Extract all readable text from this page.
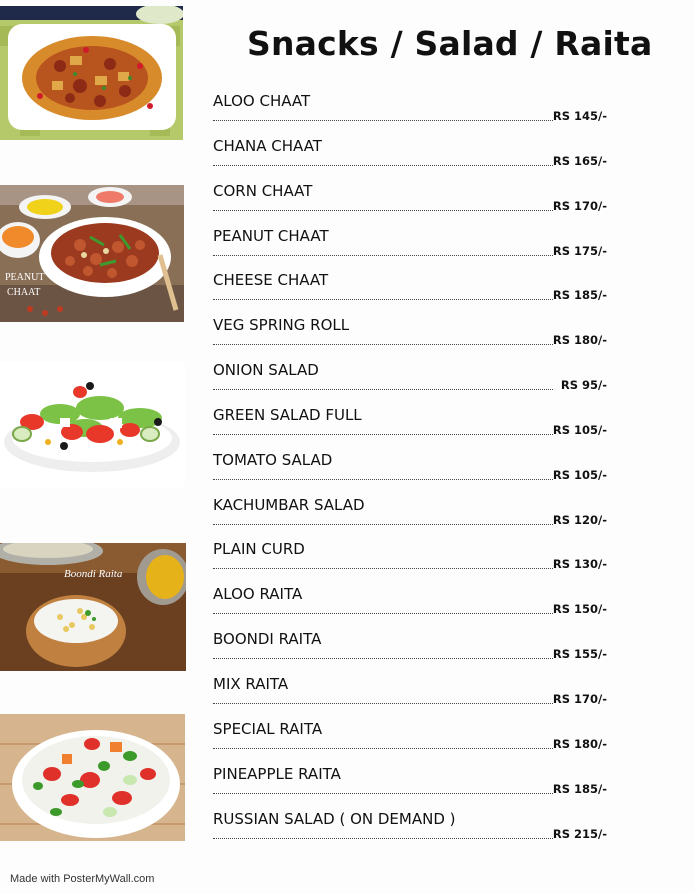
PEANUT
CHAAT
Boondi Raita
Snacks / Salad / Raita
ALOO CHAAT
RS 145/-
CHANA CHAAT
RS 165/-
CORN CHAAT
RS 170/-
PEANUT CHAAT
RS 175/-
CHEESE CHAAT
RS 185/-
VEG SPRING ROLL
RS 180/-
ONION SALAD
RS 95/-
GREEN SALAD FULL
RS 105/-
TOMATO SALAD
RS 105/-
KACHUMBAR SALAD
RS 120/-
PLAIN CURD
RS 130/-
ALOO RAITA
RS 150/-
BOONDI RAITA
RS 155/-
MIX RAITA
RS 170/-
SPECIAL RAITA
RS 180/-
PINEAPPLE RAITA
RS 185/-
RUSSIAN SALAD ( ON DEMAND )
RS 215/-
Made with PosterMyWall.com
